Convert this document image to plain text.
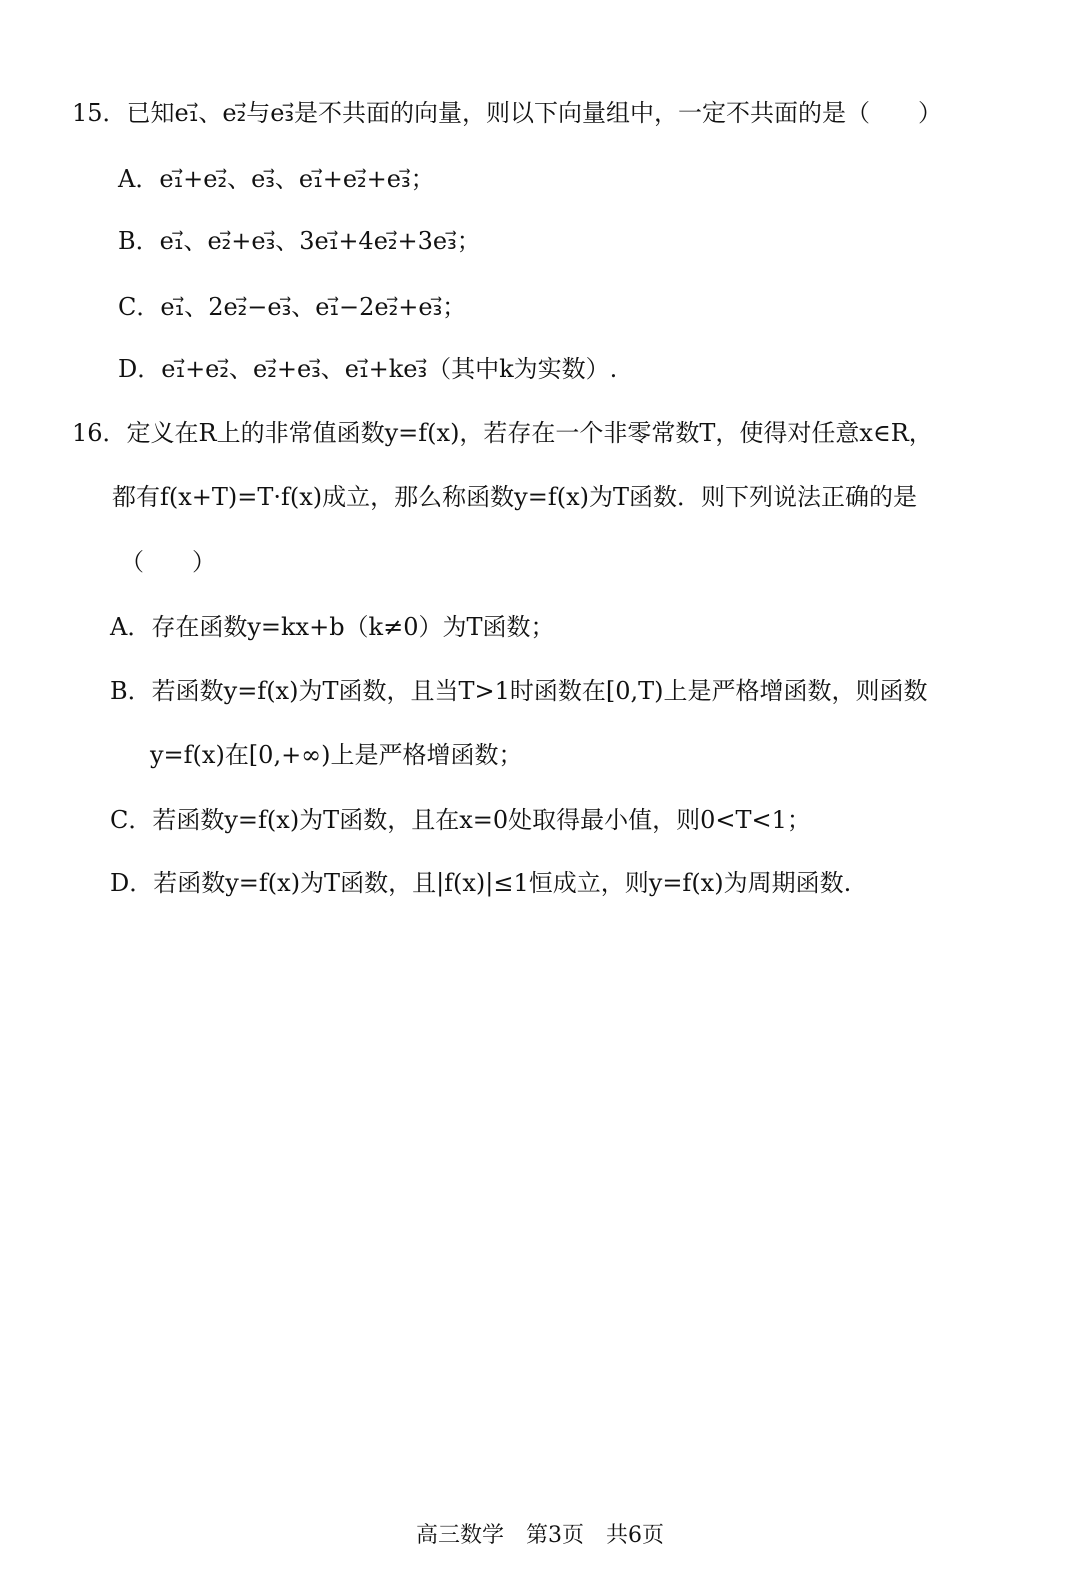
15．已知e₁⃗、e₂⃗与e₃⃗是不共面的向量，则以下向量组中，一定不共面的是（　　）
A．e₁⃗+e₂⃗、e₃⃗、e₁⃗+e₂⃗+e₃⃗；
B．e₁⃗、e₂⃗+e₃⃗、3e₁⃗+4e₂⃗+3e₃⃗；
C．e₁⃗、2e₂⃗−e₃⃗、e₁⃗−2e₂⃗+e₃⃗；
D．e₁⃗+e₂⃗、e₂⃗+e₃⃗、e₁⃗+ke₃⃗（其中k为实数）.
16．定义在R上的非常值函数y=f(x)，若存在一个非零常数T，使得对任意x∈R，
都有f(x+T)=T·f(x)成立，那么称函数y=f(x)为T函数．则下列说法正确的是
（　　）
A．存在函数y=kx+b（k≠0）为T函数；
B．若函数y=f(x)为T函数，且当T>1时函数在[0,T)上是严格增函数，则函数
y=f(x)在[0,+∞)上是严格增函数；
C．若函数y=f(x)为T函数，且在x=0处取得最小值，则0<T<1；
D．若函数y=f(x)为T函数，且|f(x)|≤1恒成立，则y=f(x)为周期函数.
高三数学　第3页　共6页
